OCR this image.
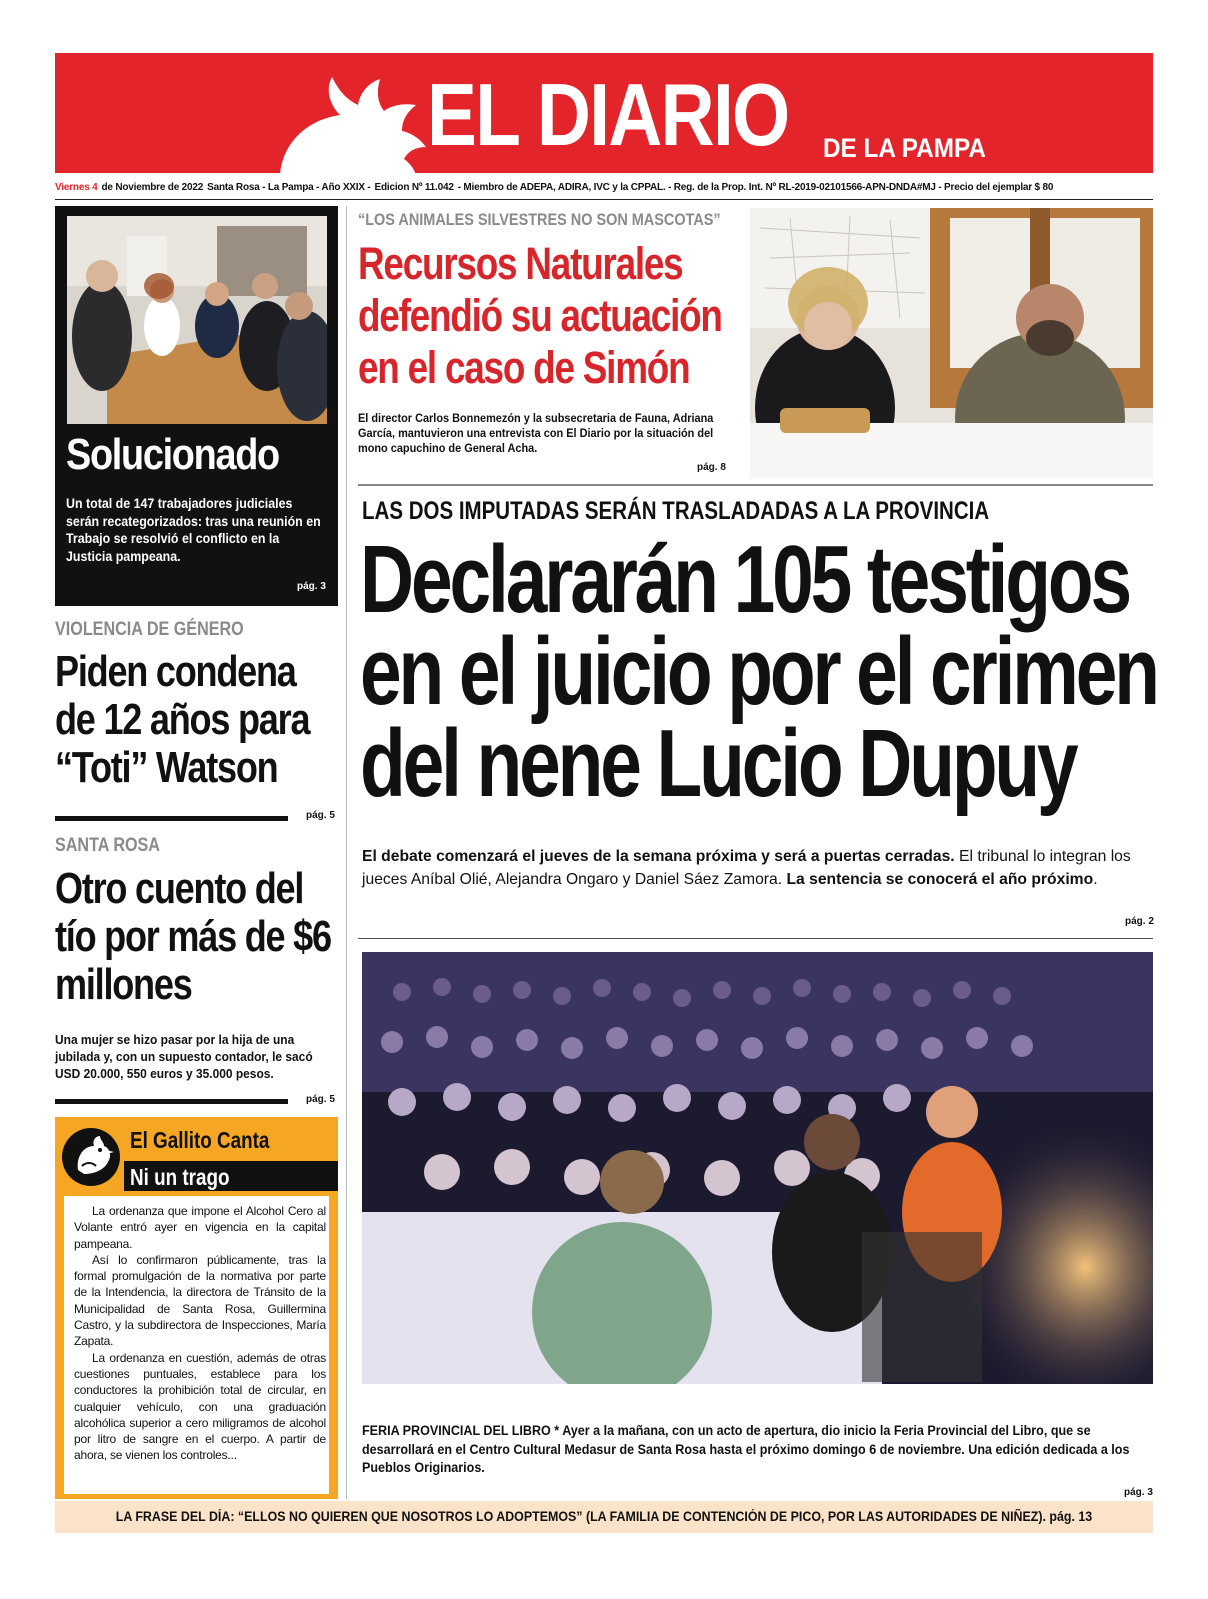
EL DIARIO DE LA PAMPA
Viernes 4 de Noviembre de 2022 Santa Rosa - La Pampa - Año XXIX - Edicion Nº 11.042 - Miembro de ADEPA, ADIRA, IVC y la CPPAL. - Reg. de la Prop. Int. Nº RL-2019-02101566-APN-DNDA#MJ - Precio del ejemplar $ 80
Solucionado
Un total de 147 trabajadores judiciales serán recategorizados: tras una reunión en Trabajo se resolvió el conflicto en la Justicia pampeana.
pág. 3
VIOLENCIA DE GÉNERO
Piden condena de 12 años para “Toti” Watson
pág. 5
SANTA ROSA
Otro cuento del tío por más de $6 millones
Una mujer se hizo pasar por la hija de una jubilada y, con un supuesto contador, le sacó USD 20.000, 550 euros y 35.000 pesos.
pág. 5
El Gallito Canta
Ni un trago

La ordenanza que impone el Alcohol Cero al Volante entró ayer en vigencia en la capital pampeana.

Así lo confirmaron públicamente, tras la formal promulgación de la normativa por parte de la Intendencia, la directora de Tránsito de la Municipalidad de Santa Rosa, Guillermina Castro, y la subdirectora de Inspecciones, María Zapata.

La ordenanza en cuestión, además de otras cuestiones puntuales, establece para los conductores la prohibición total de circular, en cualquier vehículo, con una graduación alcohólica superior a cero miligramos de alcohol por litro de sangre en el cuerpo. A partir de ahora, se vienen los controles...

“LOS ANIMALES SILVESTRES NO SON MASCOTAS”
Recursos Naturales defendió su actuación en el caso de Simón
El director Carlos Bonnemezón y la subsecretaria de Fauna, Adriana García, mantuvieron una entrevista con El Diario por la situación del mono capuchino de General Acha.
pág. 8
LAS DOS IMPUTADAS SERÁN TRASLADADAS A LA PROVINCIA
Declararán 105 testigos en el juicio por el crimen del nene Lucio Dupuy
El debate comenzará el jueves de la semana próxima y será a puertas cerradas. El tribunal lo integran los jueces Aníbal Olié, Alejandra Ongaro y Daniel Sáez Zamora. La sentencia se conocerá el año próximo.
pág. 2
FERIA PROVINCIAL DEL LIBRO * Ayer a la mañana, con un acto de apertura, dio inicio la Feria Provincial del Libro, que se desarrollará en el Centro Cultural Medasur de Santa Rosa hasta el próximo domingo 6 de noviembre. Una edición dedicada a los Pueblos Originarios.
pág. 3
LA FRASE DEL DÍA: “ELLOS NO QUIEREN QUE NOSOTROS LO ADOPTEMOS” (LA FAMILIA DE CONTENCIÓN DE PICO, POR LAS AUTORIDADES DE NIÑEZ). pág. 13
